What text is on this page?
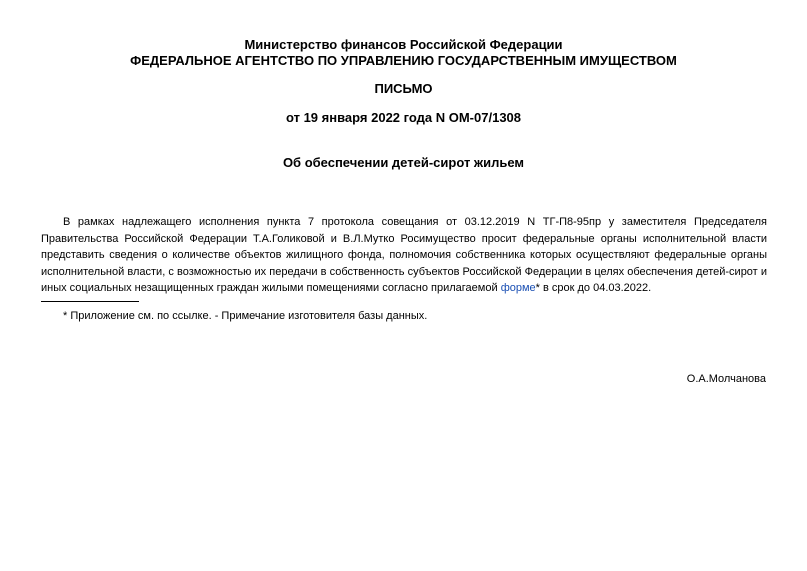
Министерство финансов Российской Федерации
ФЕДЕРАЛЬНОЕ АГЕНТСТВО ПО УПРАВЛЕНИЮ ГОСУДАРСТВЕННЫМ ИМУЩЕСТВОМ
ПИСЬМО
от 19 января 2022 года N ОМ-07/1308
Об обеспечении детей-сирот жильем
В рамках надлежащего исполнения пункта 7 протокола совещания от 03.12.2019 N ТГ-П8-95пр у заместителя Председателя Правительства Российской Федерации Т.А.Голиковой и В.Л.Мутко Росимущество просит федеральные органы исполнительной власти представить сведения о количестве объектов жилищного фонда, полномочия собственника которых осуществляют федеральные органы исполнительной власти, с возможностью их передачи в собственность субъектов Российской Федерации в целях обеспечения детей-сирот и иных социальных незащищенных граждан жилыми помещениями согласно прилагаемой форме* в срок до 04.03.2022.
* Приложение см. по ссылке. - Примечание изготовителя базы данных.
О.А.Молчанова
